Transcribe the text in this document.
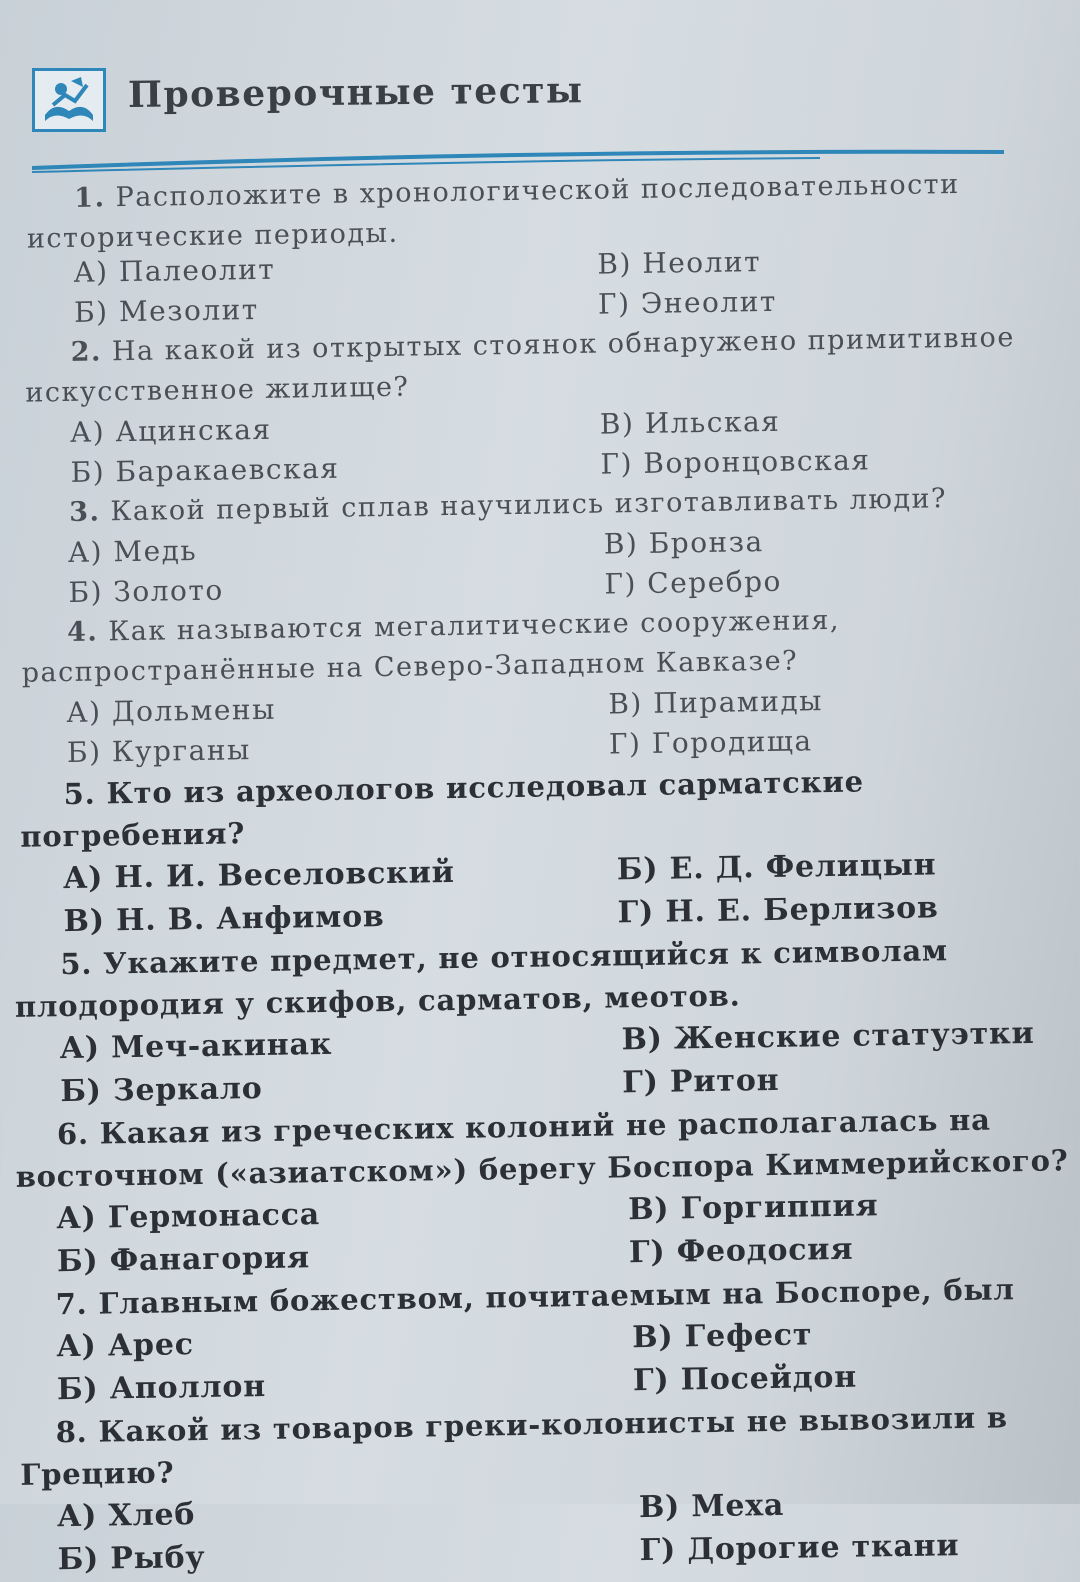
Проверочные тесты

1. Расположите в хронологической последовательности исторические периоды.

А) Палеолит	В) Неолит
Б) Мезолит	Г) Энеолит

2. На какой из открытых стоянок обнаружено примитивное искусственное жилище?

А) Ацинская	В) Ильская
Б) Баракаевская	Г) Воронцовская

3. Какой первый сплав научились изготавливать люди?

А) Медь	В) Бронза
Б) Золото	Г) Серебро

4. Как называются мегалитические сооружения, распространённые на Северо-Западном Кавказе?

А) Дольмены	В) Пирамиды
Б) Курганы	Г) Городища

5. Кто из археологов исследовал сарматские погребения?

А) Н. И. Веселовский	Б) Е. Д. Фелицын
В) Н. В. Анфимов	Г) Н. Е. Берлизов

5. Укажите предмет, не относящийся к символам плодородия у скифов, сарматов, меотов.

А) Меч-акинак	В) Женские статуэтки
Б) Зеркало	Г) Ритон

6. Какая из греческих колоний не располагалась на восточном («азиатском») берегу Боспора Киммерийского?

А) Гермонасса	В) Горгиппия
Б) Фанагория	Г) Феодосия

7. Главным божеством, почитаемым на Боспоре, был

А) Арес	В) Гефест
Б) Аполлон	Г) Посейдон

8. Какой из товаров греки-колонисты не вывозили в Грецию?

А) Хлеб	В) Меха
Б) Рыбу	Г) Дорогие ткани
